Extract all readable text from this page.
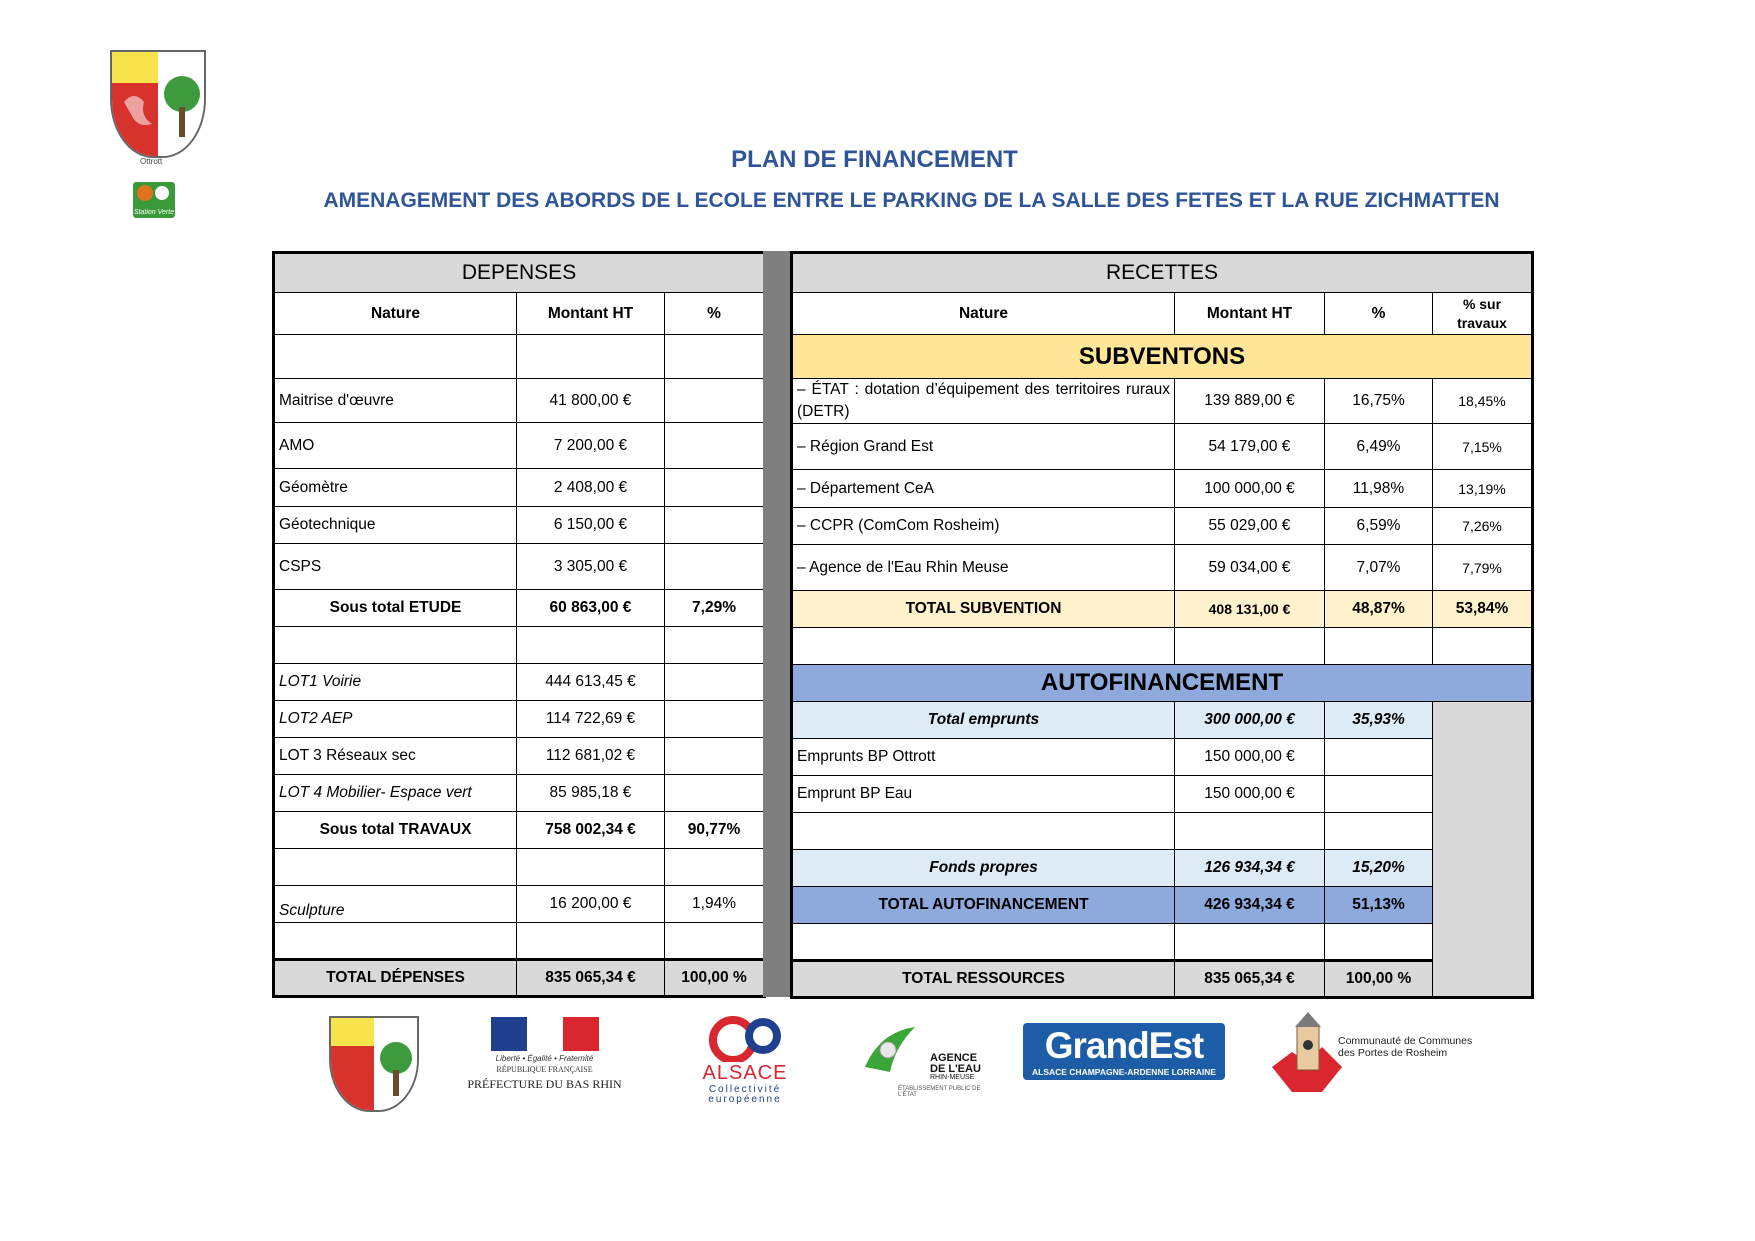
Ottrott
Station Verte
PLAN DE FINANCEMENT
AMENAGEMENT DES ABORDS DE L ECOLE ENTRE LE PARKING DE LA SALLE DES FETES ET LA RUE ZICHMATTEN
DEPENSES		
Nature	Montant HT	%

Maitrise d'œuvre	41 800,00 €	
AMO	7 200,00 €	
Géomètre	2 408,00 €	
Géotechnique	6 150,00 €	
CSPS	3 305,00 €	
Sous total ETUDE	60 863,00 €	7,29%

LOT1 Voirie	444 613,45 €	
LOT2 AEP	114 722,69 €	
LOT 3 Réseaux sec	112 681,02 €	
LOT 4 Mobilier- Espace vert	85 985,18 €	
Sous total TRAVAUX	758 002,34 €	90,77%

Sculpture	16 200,00 €	1,94%

TOTAL DÉPENSES	835 065,34 €	100,00 %
RECETTES			
Nature	Montant HT	%	% sur travaux
SUBVENTONS			
– ÉTAT : dotation d’équipement des territoires ruraux (DETR)	139 889,00 €	16,75%	18,45%
– Région Grand Est	54 179,00 €	6,49%	7,15%
– Département CeA	100 000,00 €	11,98%	13,19%
– CCPR (ComCom Rosheim)	55 029,00 €	6,59%	7,26%
– Agence de l'Eau Rhin Meuse	59 034,00 €	7,07%	7,79%
TOTAL SUBVENTION	408 131,00 €	48,87%	53,84%

AUTOFINANCEMENT			
Total emprunts	300 000,00 €	35,93%	
Emprunts BP Ottrott	150 000,00 €		
Emprunt BP Eau	150 000,00 €		

Fonds propres	126 934,34 €	15,20%	
TOTAL AUTOFINANCEMENT	426 934,34 €	51,13%	

TOTAL RESSOURCES	835 065,34 €	100,00 %	
Liberté • Égalité • Fraternité
RÉPUBLIQUE FRANÇAISE
PRÉFECTURE DU BAS RHIN	ALSACE
Collectivité
européenne
AGENCE
DE L'EAU
RHIN-MEUSE
ÉTABLISSEMENT PUBLIC DE L'ÉTAT
GrandEst
ALSACE CHAMPAGNE-ARDENNE LORRAINE
Communauté de Communes
des Portes de Rosheim
